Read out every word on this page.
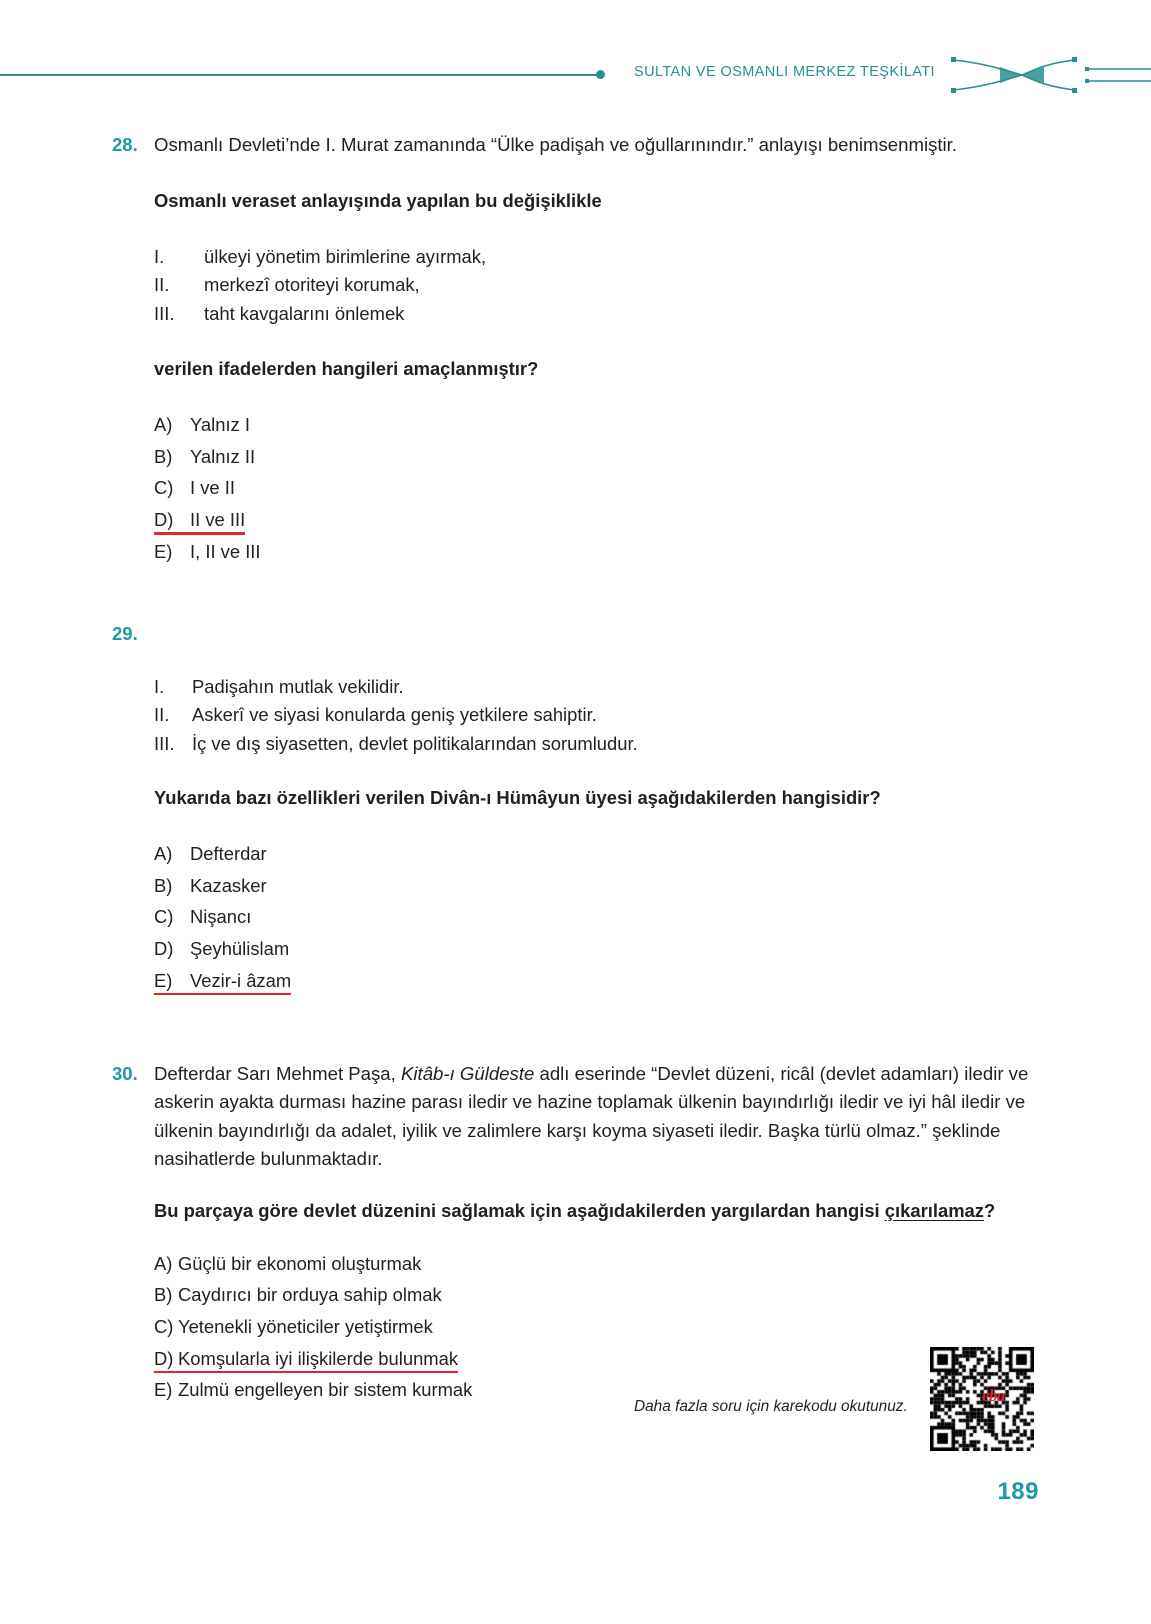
SULTAN VE OSMANLI MERKEZ TEŞKİLATI
28. Osmanlı Devleti’nde I. Murat zamanında “Ülke padişah ve oğullarınındır.” anlayışı benimsenmiştir.
Osmanlı veraset anlayışında yapılan bu değişiklikle
I.	ülkeyi yönetim birimlerine ayırmak,
II.	merkezî otoriteyi korumak,
III.	taht kavgalarını önlemek
verilen ifadelerden hangileri amaçlanmıştır?
A) Yalnız I
B) Yalnız II
C) I ve II
D) II ve III
E) I, II ve III
29.
I.	Padişahın mutlak vekilidir.
II.	Askerî ve siyasi konularda geniş yetkilere sahiptir.
III. İç ve dış siyasetten, devlet politikalarından sorumludur.
Yukarıda bazı özellikleri verilen Divân-ı Hümâyun üyesi aşağıdakilerden hangisidir?
A) Defterdar
B) Kazasker
C) Nişancı
D) Şeyhülislam
E) Vezir-i âzam
30. Defterdar Sarı Mehmet Paşa, Kitâb-ı Güldeste adlı eserinde “Devlet düzeni, ricâl (devlet adamları) iledir ve askerin ayakta durması hazine parası iledir ve hazine toplamak ülkenin bayındırlığı iledir ve iyi hâl iledir ve ülkenin bayındırlığı da adalet, iyilik ve zalimlere karşı koyma siyaseti iledir. Başka türlü olmaz.” şeklinde nasihatlerde bulunmaktadır.
Bu parçaya göre devlet düzenini sağlamak için aşağıdakilerden yargılardan hangisi çıkarılamaz?
A) Güçlü bir ekonomi oluşturmak
B) Caydırıcı bir orduya sahip olmak
C) Yetenekli yöneticiler yetiştirmek
D) Komşularla iyi ilişkilerde bulunmak
E) Zulmü engelleyen bir sistem kurmak
Daha fazla soru için karekodu okutunuz.
eba
189
